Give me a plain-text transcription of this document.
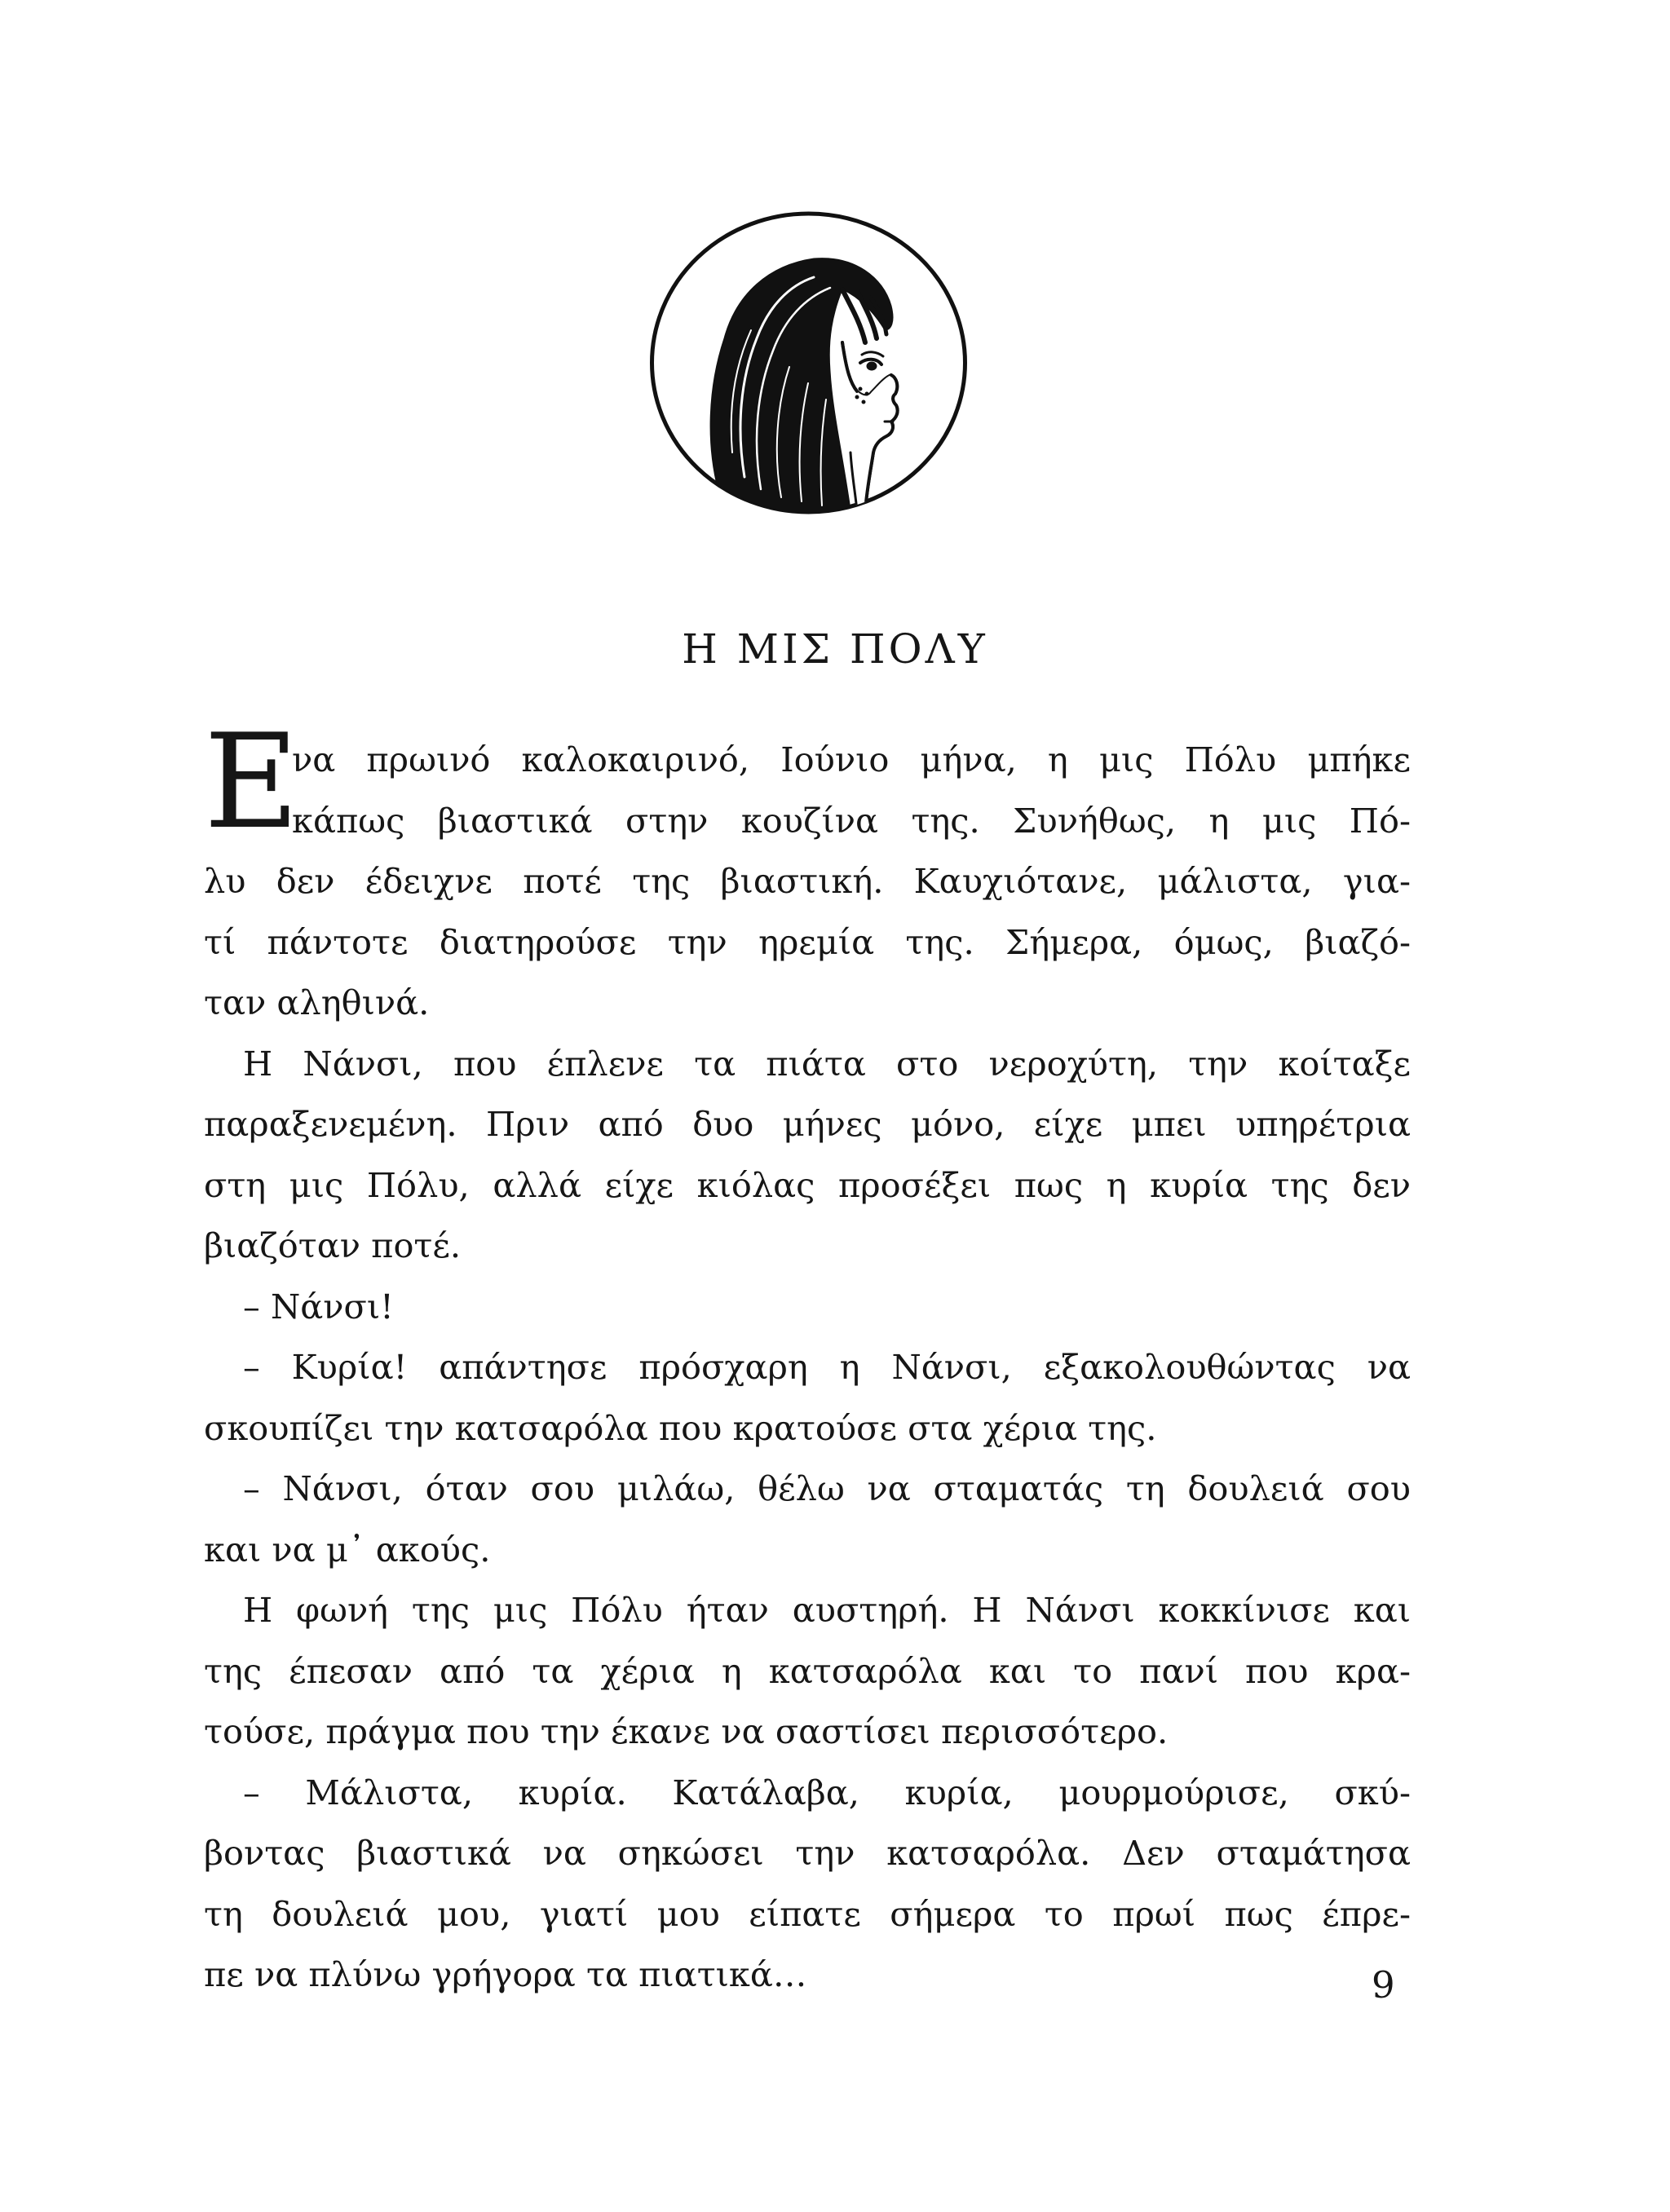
Η ΜΙΣ ΠΟΛΥ
Ε
να πρωινό καλοκαιρινό, Ιούνιο μήνα, η μις Πόλυ μπήκε
κάπως βιαστικά στην κουζίνα της. Συνήθως, η μις Πό-
λυ δεν έδειχνε ποτέ της βιαστική. Καυχιότανε, μάλιστα, για-
τί πάντοτε διατηρούσε την ηρεμία της. Σήμερα, όμως, βιαζό-
ταν αληθινά.
Η Νάνσι, που έπλενε τα πιάτα στο νεροχύτη, την κοίταξε
παραξενεμένη. Πριν από δυο μήνες μόνο, είχε μπει υπηρέτρια
στη μις Πόλυ, αλλά είχε κιόλας προσέξει πως η κυρία της δεν
βιαζόταν ποτέ.
– Νάνσι!
– Κυρία! απάντησε πρόσχαρη η Νάνσι, εξακολουθώντας να
σκουπίζει την κατσαρόλα που κρατούσε στα χέρια της.
– Νάνσι, όταν σου μιλάω, θέλω να σταματάς τη δουλειά σου
και να μ᾽ ακούς.
Η φωνή της μις Πόλυ ήταν αυστηρή. Η Νάνσι κοκκίνισε και
της έπεσαν από τα χέρια η κατσαρόλα και το πανί που κρα-
τούσε, πράγμα που την έκανε να σαστίσει περισσότερο.
– Μάλιστα, κυρία. Κατάλαβα, κυρία, μουρμούρισε, σκύ-
βοντας βιαστικά να σηκώσει την κατσαρόλα. Δεν σταμάτησα
τη δουλειά μου, γιατί μου είπατε σήμερα το πρωί πως έπρε-
πε να πλύνω γρήγορα τα πιατικά…	9
